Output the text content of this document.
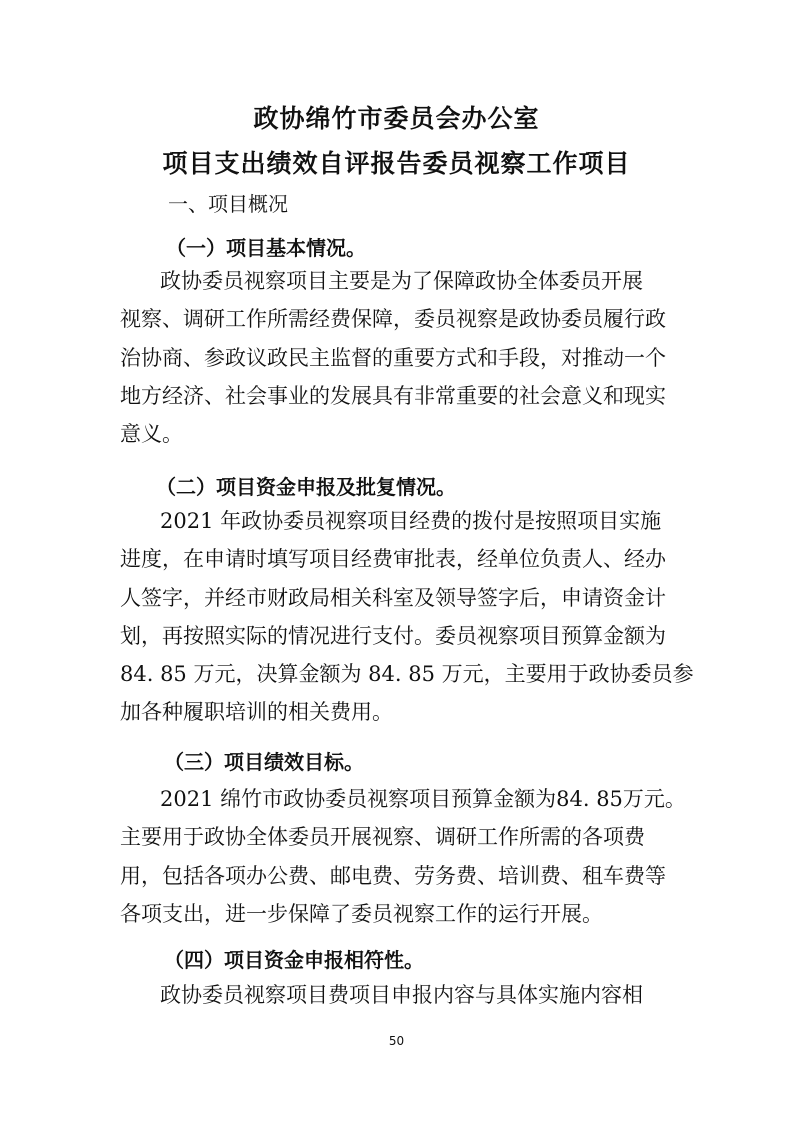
政协绵竹市委员会办公室
项目支出绩效自评报告委员视察工作项目
一、项目概况
（一）项目基本情况。
政协委员视察项目主要是为了保障政协全体委员开展
视察、调研工作所需经费保障，委员视察是政协委员履行政
治协商、参政议政民主监督的重要方式和手段，对推动一个
地方经济、社会事业的发展具有非常重要的社会意义和现实
意义。
（二）项目资金申报及批复情况。
2021 年政协委员视察项目经费的拨付是按照项目实施
进度，在申请时填写项目经费审批表，经单位负责人、经办
人签字，并经市财政局相关科室及领导签字后，申请资金计
划，再按照实际的情况进行支付。委员视察项目预算金额为
84. 85 万元，决算金额为 84. 85 万元，主要用于政协委员参
加各种履职培训的相关费用。
（三）项目绩效目标。
2021 绵竹市政协委员视察项目预算金额为84. 85万元。
主要用于政协全体委员开展视察、调研工作所需的各项费
用，包括各项办公费、邮电费、劳务费、培训费、租车费等
各项支出，进一步保障了委员视察工作的运行开展。
（四）项目资金申报相符性。
政协委员视察项目费项目申报内容与具体实施内容相
50
